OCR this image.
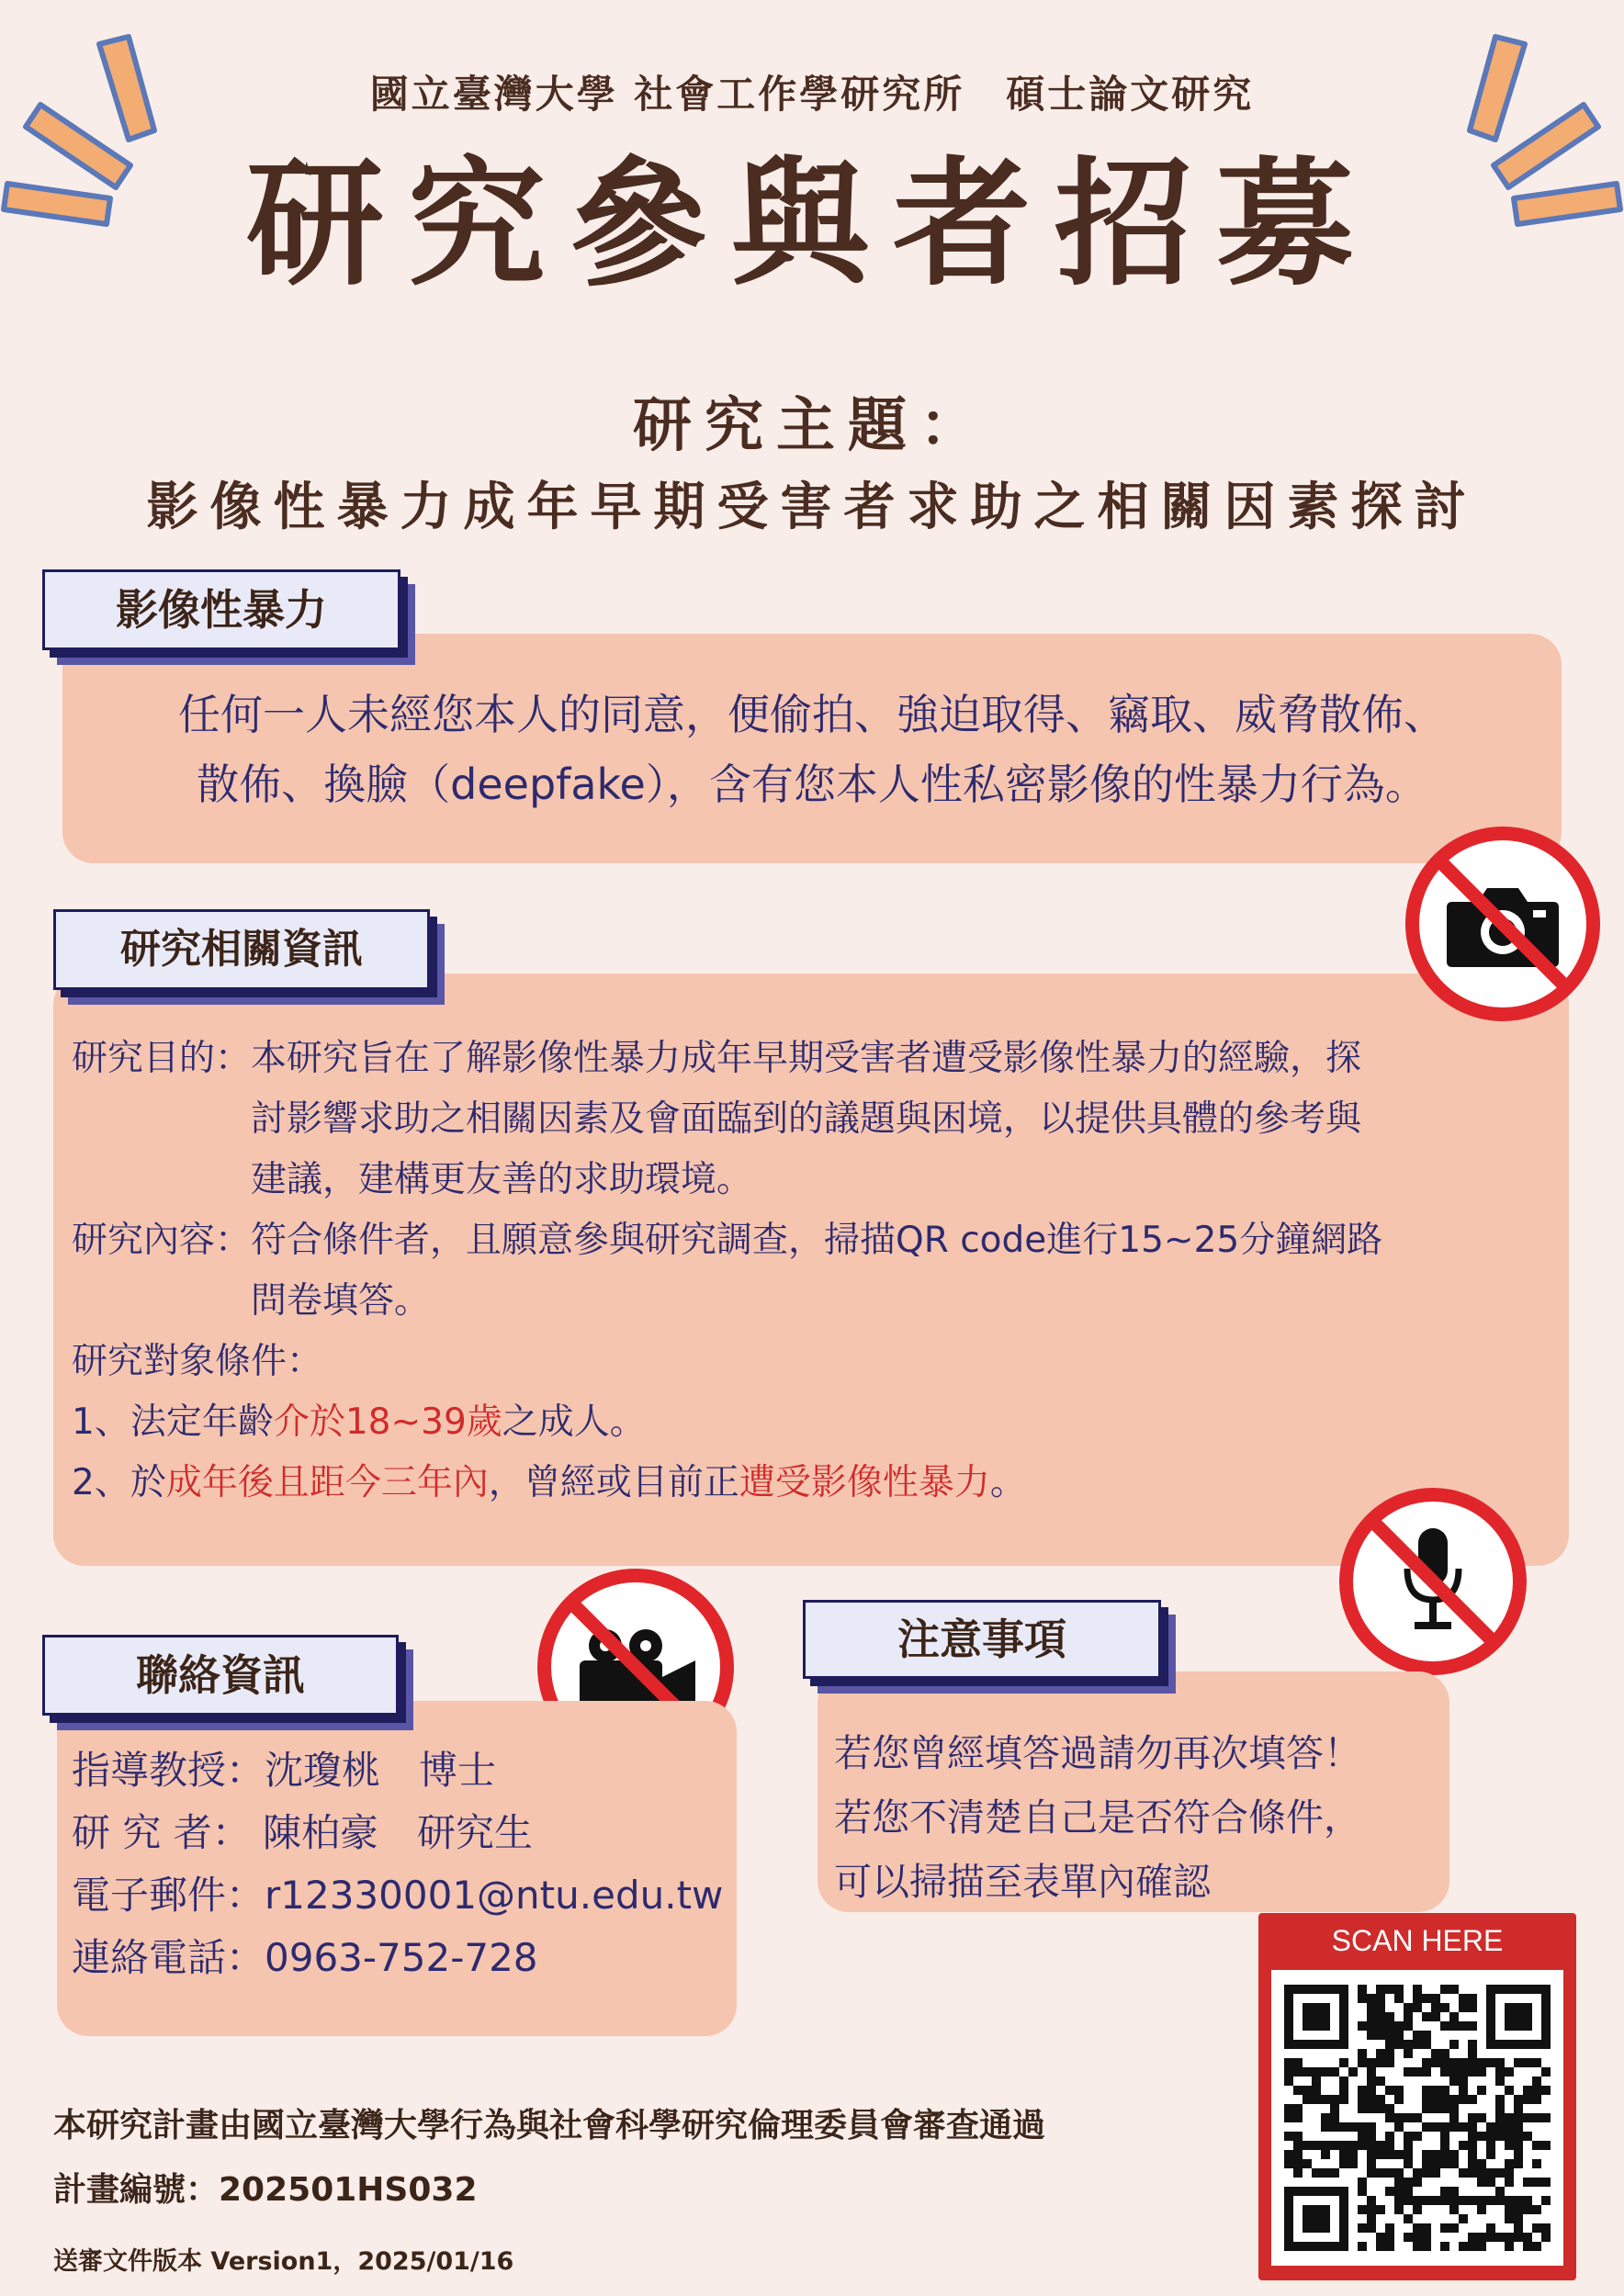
國立臺灣大學 社會工作學研究所　碩士論文研究
研究參與者招募
研究主題：
影像性暴力成年早期受害者求助之相關因素探討
任何一人未經您本人的同意，便偷拍、強迫取得、竊取、威脅散佈、
散佈、換臉（deepfake），含有您本人性私密影像的性暴力行為。
影像性暴力
研究目的： 本研究旨在了解影像性暴力成年早期受害者遭受影像性暴力的經驗，探
討影響求助之相關因素及會面臨到的議題與困境，以提供具體的參考與
建議，建構更友善的求助環境。
研究內容： 符合條件者，且願意參與研究調查，掃描QR code進行15~25分鐘網路
問卷填答。
研究對象條件：
1、法定年齡介於18~39歲之成人。
2、於成年後且距今三年內，曾經或目前正遭受影像性暴力。
研究相關資訊
指導教授：沈瓊桃　博士
研 究 者： 陳柏豪　研究生
電子郵件：r12330001@ntu.edu.tw
連絡電話：0963-752-728
聯絡資訊
若您曾經填答過請勿再次填答！
若您不清楚自己是否符合條件，
可以掃描至表單內確認
注意事項
SCAN HERE
本研究計畫由國立臺灣大學行為與社會科學研究倫理委員會審查通過
計畫編號：202501HS032
送審文件版本 Version1，2025/01/16
